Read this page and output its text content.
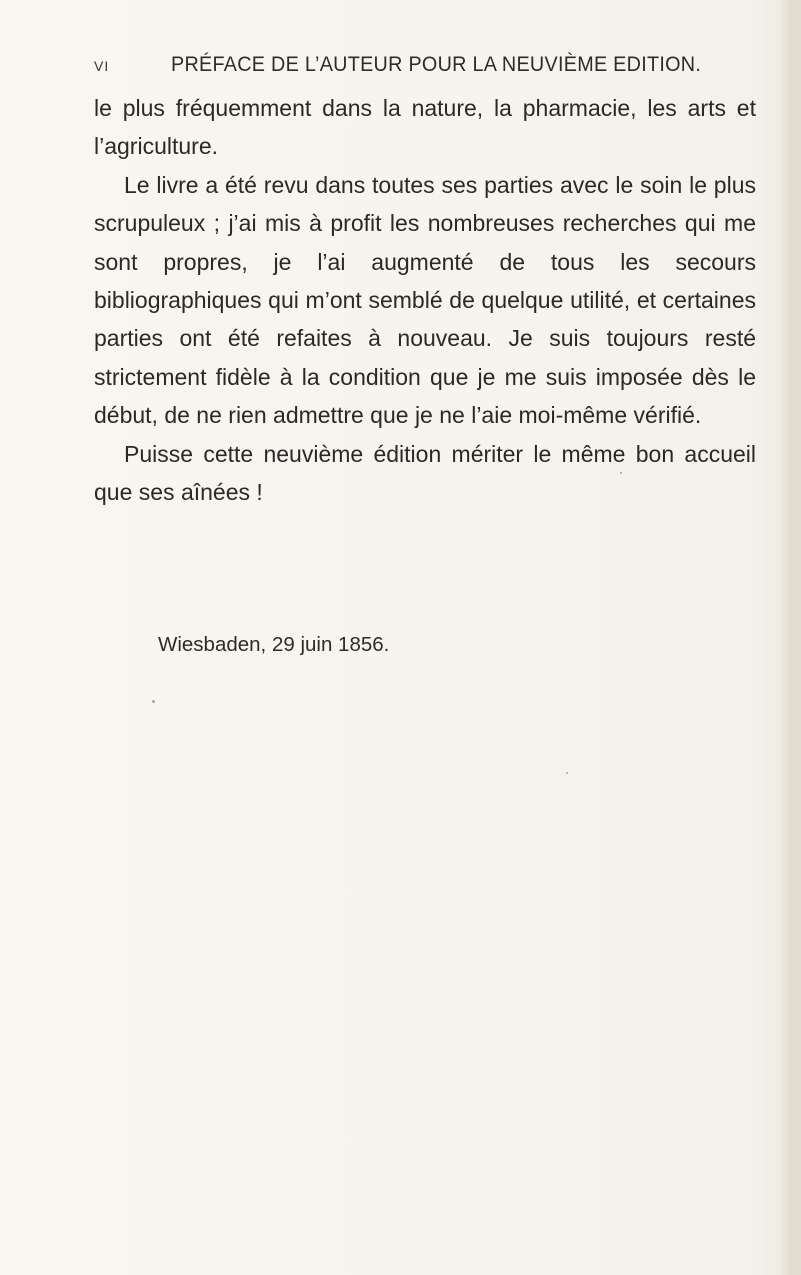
VI	PRÉFACE DE L’AUTEUR POUR LA NEUVIÈME EDITION.

le plus fréquemment dans la nature, la pharmacie, les arts et l’agriculture.

Le livre a été revu dans toutes ses parties avec le soin le plus scrupuleux ; j’ai mis à profit les nombreuses recherches qui me sont propres, je l’ai augmenté de tous les secours bibliographiques qui m’ont semblé de quelque utilité, et certaines parties ont été refaites à nouveau. Je suis toujours resté strictement fidèle à la condition que je me suis imposée dès le début, de ne rien admettre que je ne l’aie moi-même vérifié.

Puisse cette neuvième édition mériter le même bon accueil que ses aînées !

Wiesbaden, 29 juin 1856.
